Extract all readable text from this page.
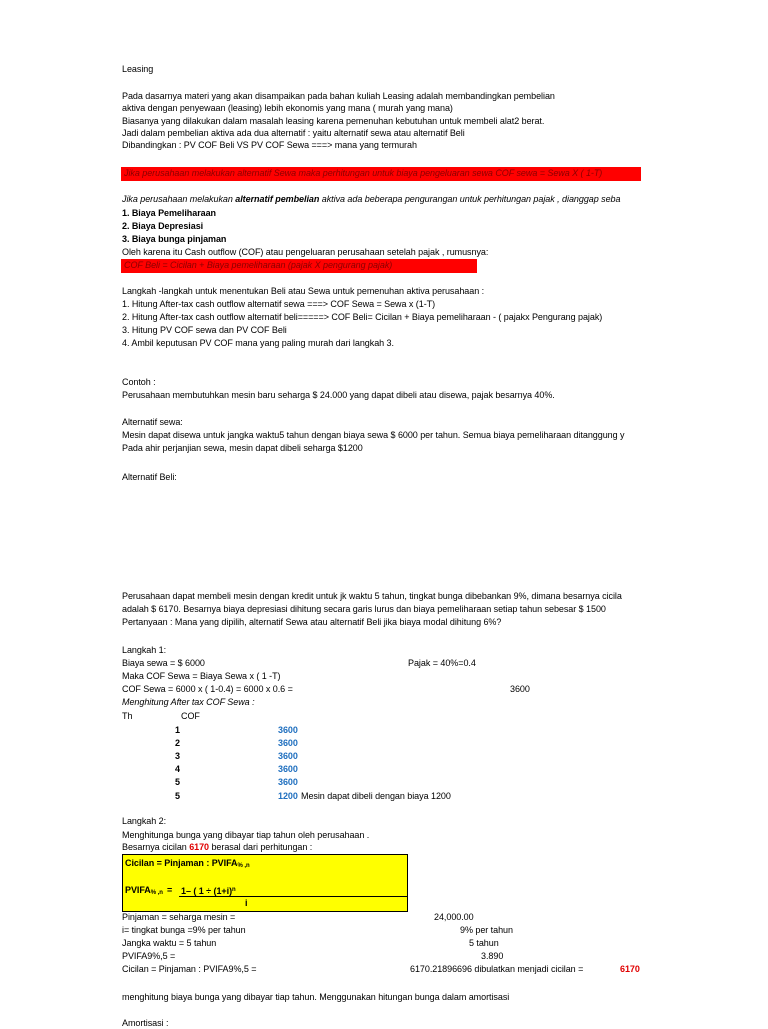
Leasing
Pada dasarnya materi yang akan disampaikan pada bahan kuliah Leasing adalah membandingkan pembelian
aktiva dengan penyewaan (leasing) lebih ekonomis yang mana ( murah yang mana)
Biasanya yang dilakukan dalam masalah leasing karena pemenuhan kebutuhan untuk membeli alat2 berat.
Jadi dalam pembelian aktiva ada dua alternatif : yaitu alternatif sewa atau alternatif Beli
Dibandingkan : PV COF Beli VS PV COF Sewa ===> mana yang termurah
Jika perusahaan melakukan alternatif Sewa maka perhitungan untuk biaya pengeluaran sewa COF sewa = Sewa X ( 1-T)
Jika perusahaan melakukan alternatif pembelian aktiva ada beberapa pengurangan untuk perhitungan pajak , dianggap seba
1. Biaya Pemeliharaan
2. Biaya Depresiasi
3. Biaya bunga pinjaman
Oleh karena itu Cash outflow (COF) atau pengeluaran perusahaan setelah pajak , rumusnya:
COF Beli = Cicilan + Biaya pemeliharaan (pajak X pengurang pajak)
Langkah -langkah untuk menentukan Beli atau Sewa untuk pemenuhan aktiva perusahaan :
1. Hitung After-tax cash outflow alternatif sewa ===> COF Sewa = Sewa x (1-T)
2. Hitung After-tax cash outflow alternatif beli=====> COF Beli= Cicilan + Biaya pemeliharaan - ( pajakx Pengurang pajak)
3. Hitung PV COF sewa dan PV COF Beli
4. Ambil keputusan PV COF mana yang paling murah dari langkah 3.
Contoh :
Perusahaan membutuhkan mesin baru seharga $ 24.000 yang dapat dibeli atau disewa, pajak besarnya 40%.
Alternatif sewa:
Mesin dapat disewa untuk jangka waktu5 tahun dengan biaya sewa $ 6000 per tahun. Semua biaya pemeliharaan ditanggung y
Pada ahir perjanjian sewa, mesin dapat dibeli seharga $1200
Alternatif Beli:
Perusahaan dapat membeli mesin dengan kredit untuk jk waktu 5 tahun, tingkat bunga dibebankan 9%, dimana besarnya cicila
adalah $ 6170. Besarnya biaya depresiasi dihitung secara garis lurus dan biaya pemeliharaan setiap tahun sebesar $ 1500
Pertanyaan : Mana yang dipilih, alternatif Sewa atau alternatif Beli jika biaya modal dihitung 6%?
Langkah 1:
Biaya sewa = $ 6000	Pajak = 40%=0.4
Maka COF Sewa = Biaya Sewa x ( 1 -T)
COF Sewa = 6000 x ( 1-0.4) = 6000 x 0.6 =	3600
Menghitung After tax COF Sewa :
Th	COF
1	3600
2	3600
3	3600
4	3600
5	3600
5	1200 Mesin dapat dibeli dengan biaya 1200
Langkah 2:
Menghitunga bunga yang dibayar tiap tahun oleh perusahaan .
Besarnya cicilan 6170 berasal dari perhitungan :
Cicilan = Pinjaman : PVIFA% ,n
PVIFA% ,n = 1– ( $1 \div (1+i)^n$
i
Pinjaman = seharga mesin =	24,000.00
i= tingkat bunga =9% per tahun	9% per tahun
Jangka waktu = 5 tahun	5 tahun
PVIFA9%,5 =	3.890
Cicilan = Pinjaman : PVIFA9%,5 =	6170.21896696 dibulatkan menjadi cicilan =	6170
menghitung biaya bunga yang dibayar tiap tahun. Menggunakan hitungan bunga dalam amortisasi
Amortisasi :
